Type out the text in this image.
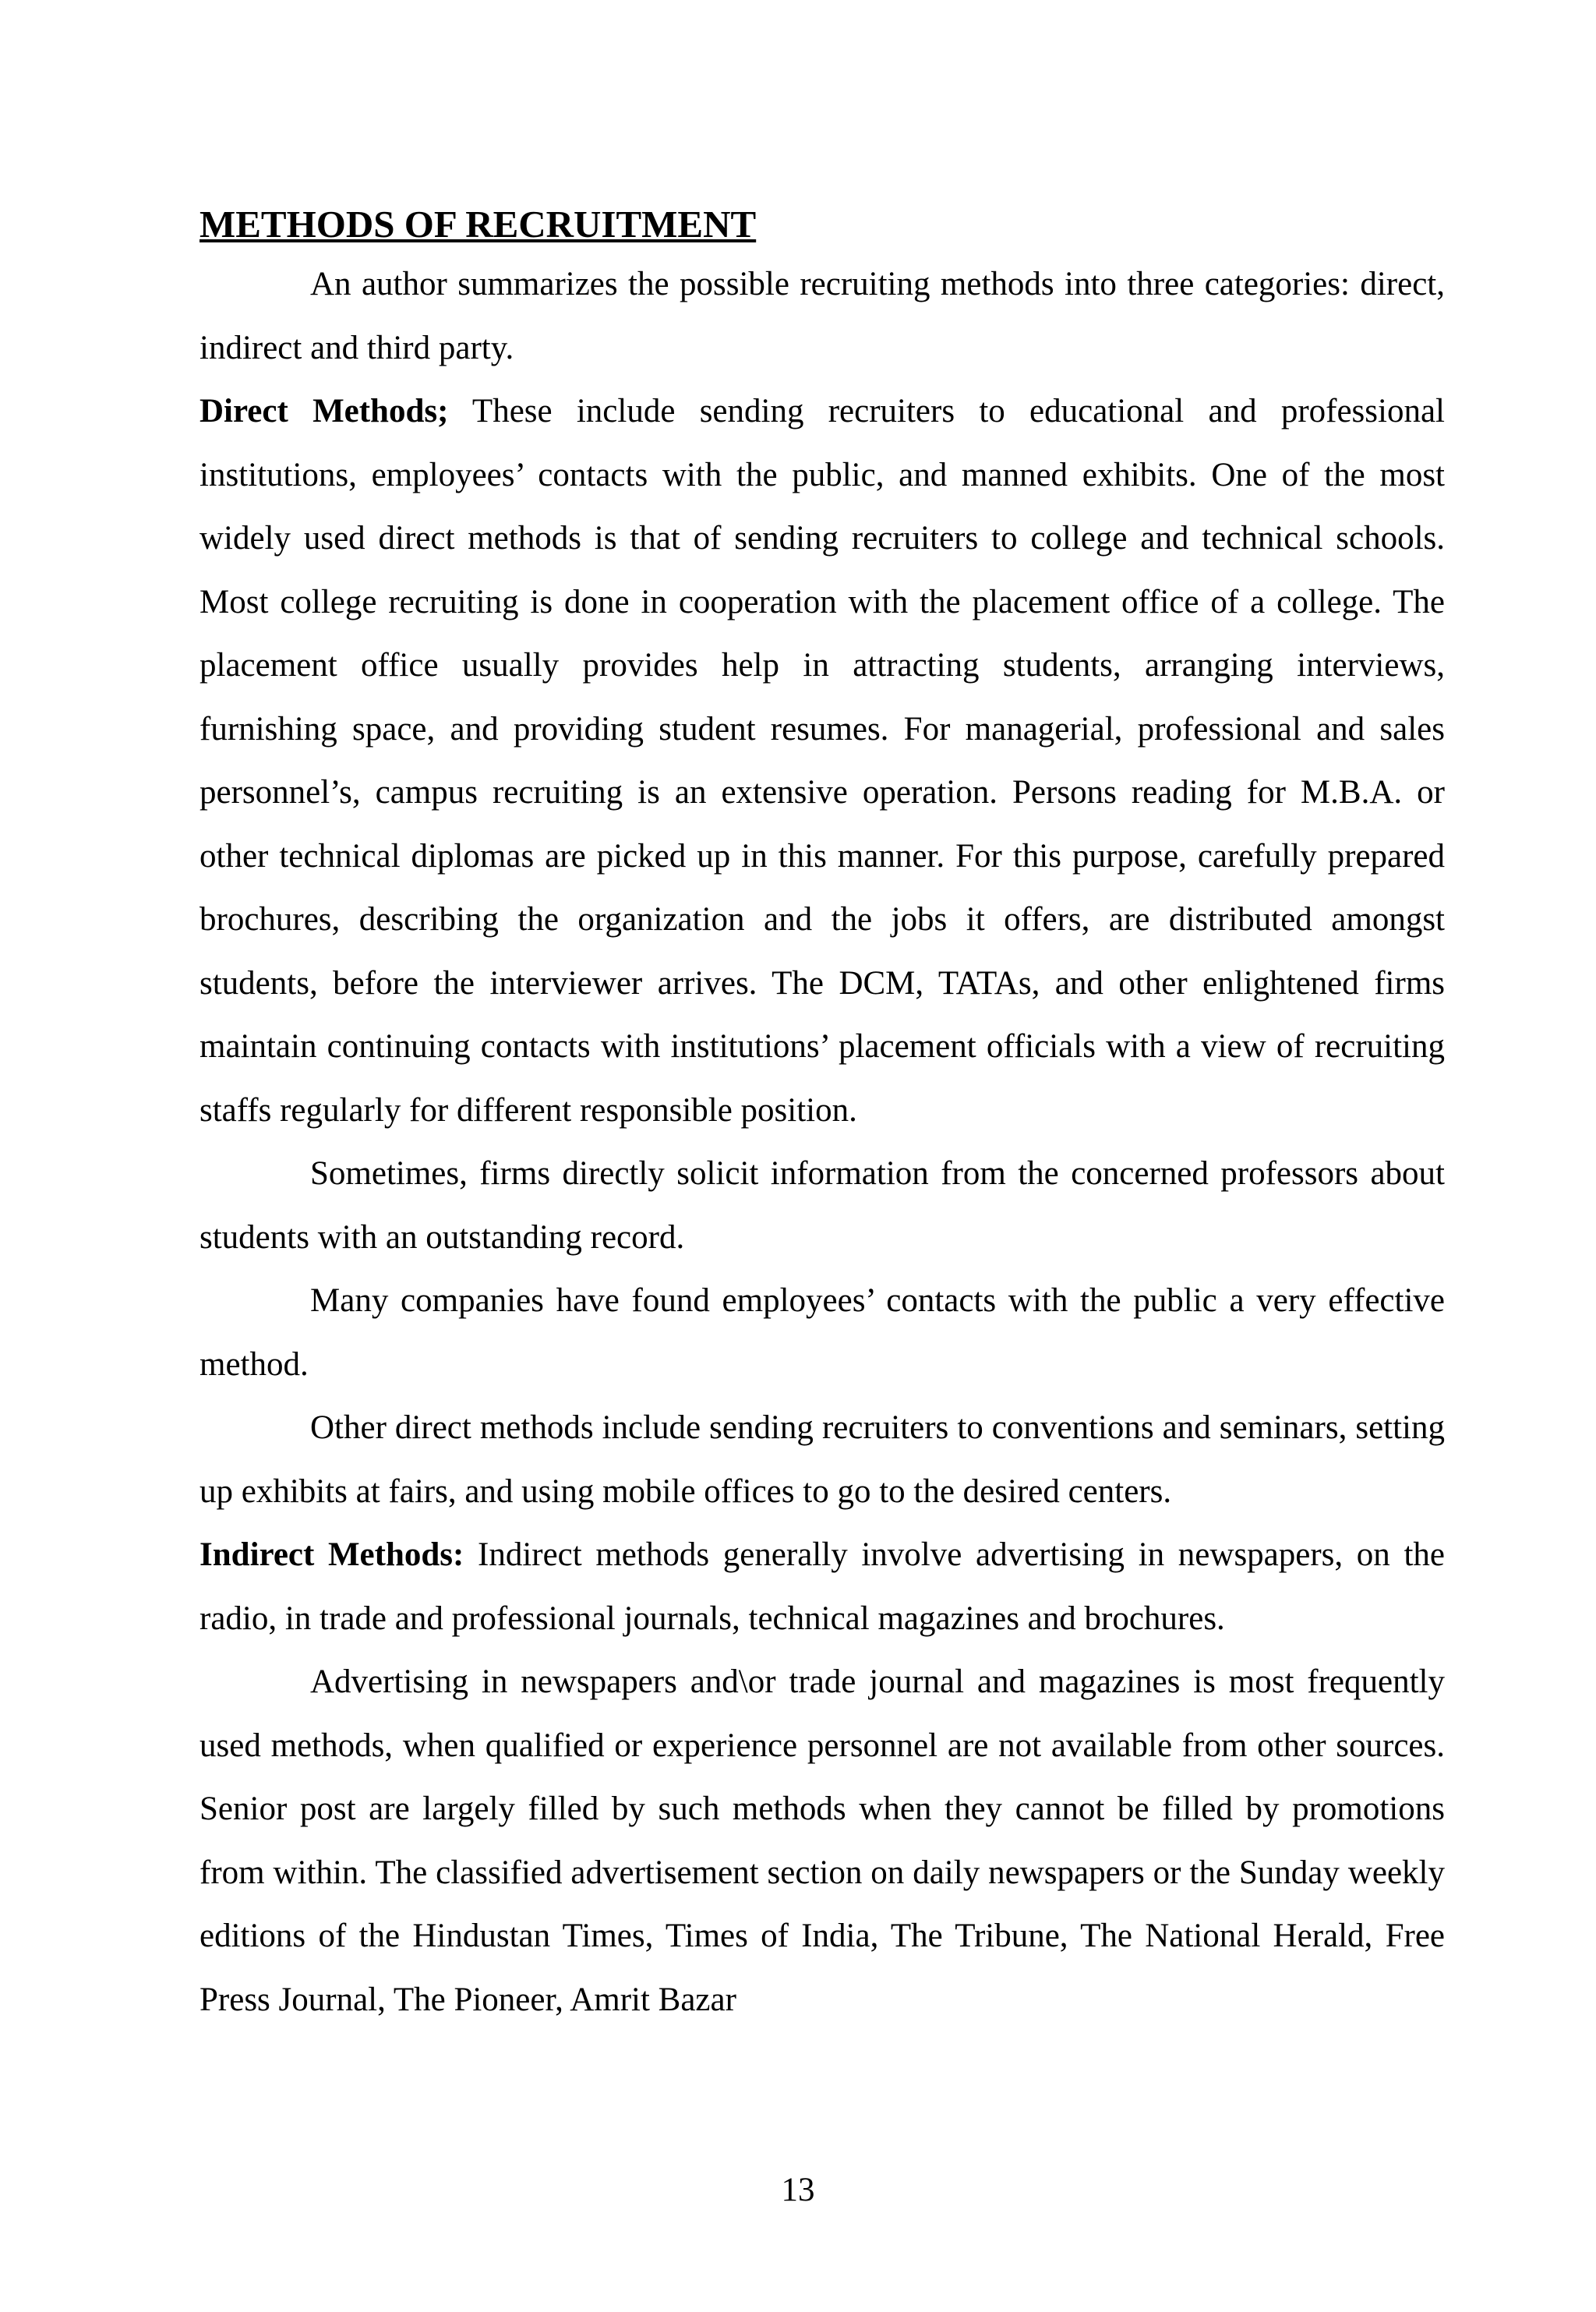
METHODS OF RECRUITMENT

An author summarizes the possible recruiting methods into three categories: direct, indirect and third party.

Direct Methods; These include sending recruiters to educational and professional institutions, employees’ contacts with the public, and manned exhibits. One of the most widely used direct methods is that of sending recruiters to college and technical schools. Most college recruiting is done in cooperation with the placement office of a college. The placement office usually provides help in attracting students, arranging interviews, furnishing space, and providing student resumes. For managerial, professional and sales personnel’s, campus recruiting is an extensive operation. Persons reading for M.B.A. or other technical diplomas are picked up in this manner. For this purpose, carefully prepared brochures, describing the organization and the jobs it offers, are distributed amongst students, before the interviewer arrives. The DCM, TATAs, and other enlightened firms maintain continuing contacts with institutions’ placement officials with a view of recruiting staffs regularly for different responsible position.

Sometimes, firms directly solicit information from the concerned professors about students with an outstanding record.

Many companies have found employees’ contacts with the public a very effective method.

Other direct methods include sending recruiters to conventions and seminars, setting up exhibits at fairs, and using mobile offices to go to the desired centers.

Indirect Methods: Indirect methods generally involve advertising in newspapers, on the radio, in trade and professional journals, technical magazines and brochures.

Advertising in newspapers and\or trade journal and magazines is most frequently used methods, when qualified or experience personnel are not available from other sources. Senior post are largely filled by such methods when they cannot be filled by promotions from within. The classified advertisement section on daily newspapers or the Sunday weekly editions of the Hindustan Times, Times of India, The Tribune, The National Herald, Free Press Journal, The Pioneer, Amrit Bazar

13
